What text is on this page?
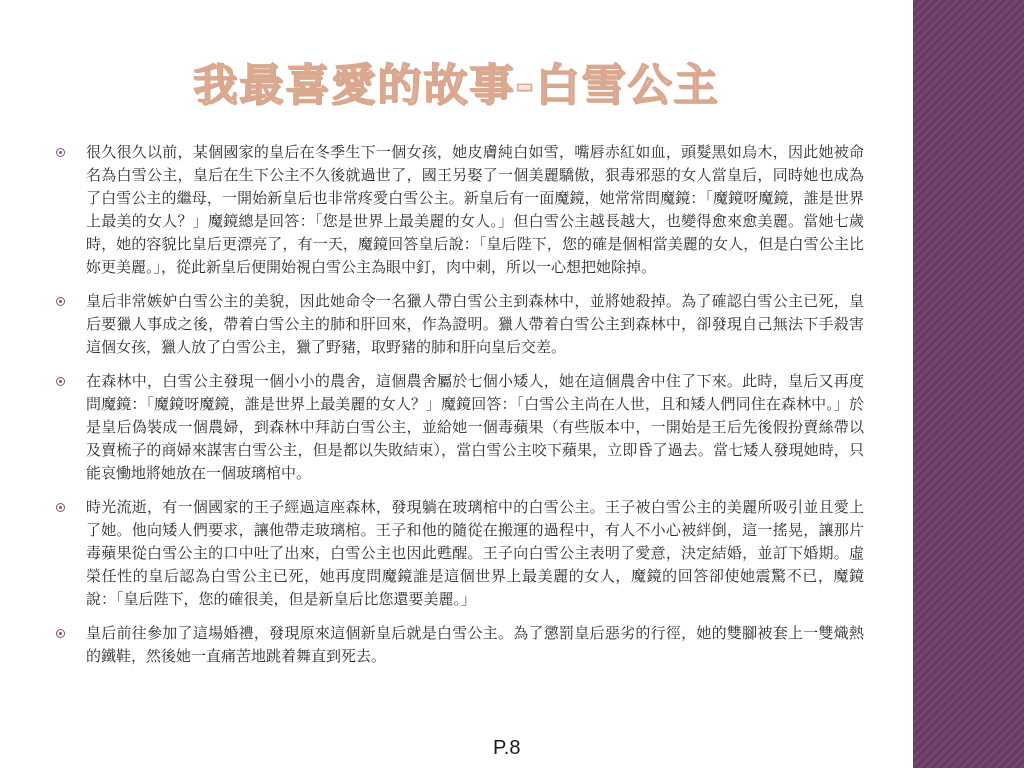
我最喜愛的故事-白雪公主
很久很久以前，某個國家的皇后在冬季生下一個女孩，她皮膚純白如雪，嘴唇赤紅如血，頭髮黑如烏木，因此她被命名為白雪公主，皇后在生下公主不久後就過世了，國王另娶了一個美麗驕傲，狠毒邪惡的女人當皇后，同時她也成為了白雪公主的繼母，一開始新皇后也非常疼愛白雪公主。新皇后有一面魔鏡，她常常問魔鏡：「魔鏡呀魔鏡，誰是世界上最美的女人？」魔鏡總是回答：「您是世界上最美麗的女人。」但白雪公主越長越大，也變得愈來愈美麗。當她七歲時，她的容貌比皇后更漂亮了，有一天，魔鏡回答皇后說：「皇后陛下，您的確是個相當美麗的女人，但是白雪公主比妳更美麗。」，從此新皇后便開始視白雪公主為眼中釘，肉中刺，所以一心想把她除掉。
皇后非常嫉妒白雪公主的美貌，因此她命令一名獵人帶白雪公主到森林中，並將她殺掉。為了確認白雪公主已死，皇后要獵人事成之後，帶着白雪公主的肺和肝回來，作為證明。獵人帶着白雪公主到森林中，卻發現自己無法下手殺害這個女孩，獵人放了白雪公主，獵了野豬，取野豬的肺和肝向皇后交差。
在森林中，白雪公主發現一個小小的農舍，這個農舍屬於七個小矮人，她在這個農舍中住了下來。此時，皇后又再度問魔鏡：「魔鏡呀魔鏡，誰是世界上最美麗的女人？」魔鏡回答：「白雪公主尚在人世，且和矮人們同住在森林中。」於是皇后偽裝成一個農婦，到森林中拜訪白雪公主，並給她一個毒蘋果（有些版本中，一開始是王后先後假扮賣絲帶以及賣梳子的商婦來謀害白雪公主，但是都以失敗結束），當白雪公主咬下蘋果，立即昏了過去。當七矮人發現她時，只能哀慟地將她放在一個玻璃棺中。
時光流逝，有一個國家的王子經過這座森林，發現躺在玻璃棺中的白雪公主。王子被白雪公主的美麗所吸引並且愛上了她。他向矮人們要求，讓他帶走玻璃棺。王子和他的隨從在搬運的過程中，有人不小心被絆倒，這一搖晃，讓那片毒蘋果從白雪公主的口中吐了出來，白雪公主也因此甦醒。王子向白雪公主表明了愛意，決定結婚，並訂下婚期。虛榮任性的皇后認為白雪公主已死，她再度問魔鏡誰是這個世界上最美麗的女人，魔鏡的回答卻使她震驚不已，魔鏡說：「皇后陛下，您的確很美，但是新皇后比您還要美麗。」
皇后前往參加了這場婚禮，發現原來這個新皇后就是白雪公主。為了懲罰皇后惡劣的行徑，她的雙腳被套上一雙熾熱的鐵鞋，然後她一直痛苦地跳着舞直到死去。
P.8
